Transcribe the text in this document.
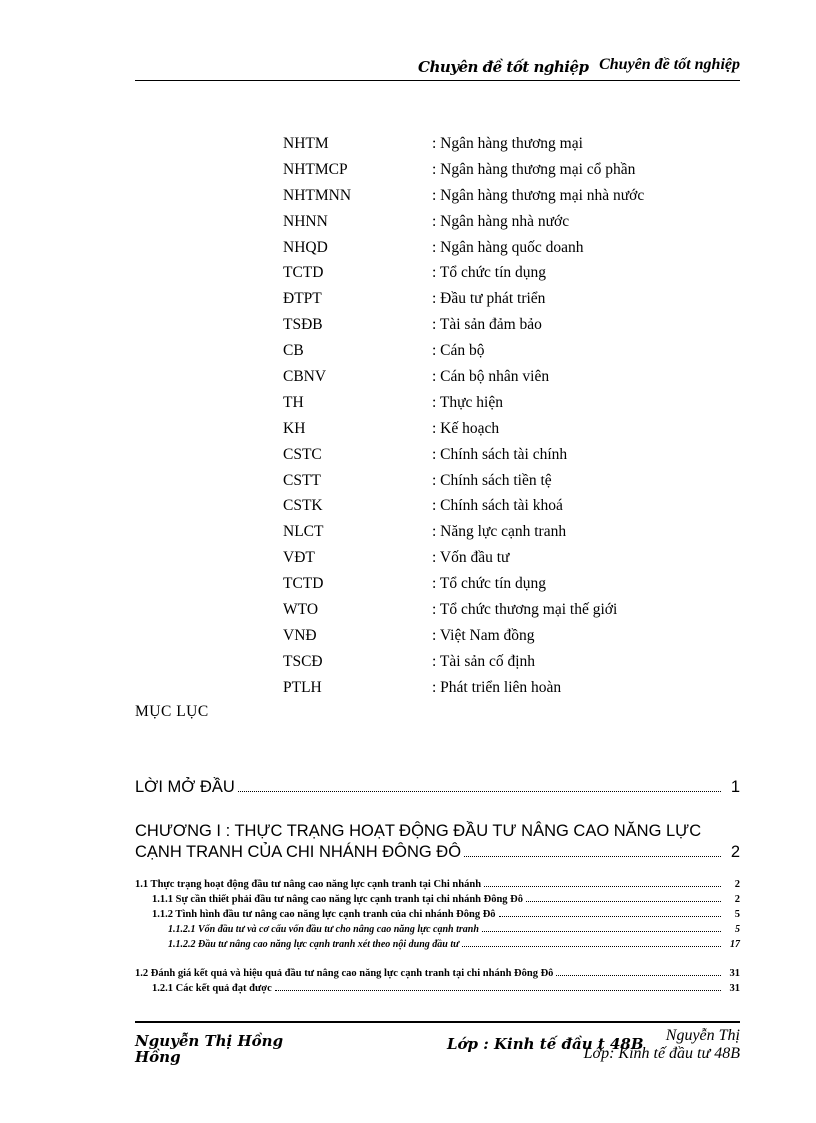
Chuyên đề tốt nghiệp Chuyên đề tốt nghiệp
NHTM	: Ngân hàng thương mại
NHTMCP	: Ngân hàng thương mại cổ phần
NHTMNN	: Ngân hàng thương mại nhà nước
NHNN	: Ngân hàng nhà nước
NHQD	: Ngân hàng quốc doanh
TCTD	: Tổ chức tín dụng
ĐTPT	: Đầu tư phát triển
TSĐB	: Tài sản đảm bảo
CB	: Cán bộ
CBNV	: Cán bộ nhân viên
TH	: Thực hiện
KH	: Kế hoạch
CSTC	: Chính sách tài chính
CSTT	: Chính sách tiền tệ
CSTK	: Chính sách tài khoá
NLCT	: Năng lực cạnh tranh
VĐT	: Vốn đầu tư
TCTD	: Tổ chức tín dụng
WTO	: Tổ chức thương mại thế giới
VNĐ	: Việt Nam đồng
TSCĐ	: Tài sản cố định
PTLH	: Phát triển liên hoàn
MỤC LỤC
LỜI MỞ ĐẦU	1
CHƯƠNG I : THỰC TRẠNG HOẠT ĐỘNG ĐẦU TƯ NÂNG CAO NĂNG LỰC
CẠNH TRANH CỦA CHI NHÁNH ĐÔNG ĐÔ	2
1.1 Thực trạng hoạt động đầu tư nâng cao năng lực cạnh tranh tại Chi nhánh	2
1.1.1 Sự cần thiết phải đầu tư nâng cao năng lực cạnh tranh tại chi nhánh Đông Đô	2
1.1.2 Tình hình đầu tư nâng cao năng lực cạnh tranh của chi nhánh Đông Đô	5
1.1.2.1 Vốn đầu tư và cơ cấu vốn đầu tư cho nâng cao năng lực cạnh tranh	5
1.1.2.2 Đầu tư nâng cao năng lực cạnh tranh xét theo nội dung đầu tư	17
1.2 Đánh giá kết quả và hiệu quả đầu tư nâng cao năng lực cạnh tranh tại chi nhánh Đông Đô	31
1.2.1 Các kết quả đạt được	31
Nguyễn Thị Hồng
Hồng
Lớp : Kinh tế đầu t 48B	Nguyễn Thị
Lớp: Kinh tế đầu tư 48B
